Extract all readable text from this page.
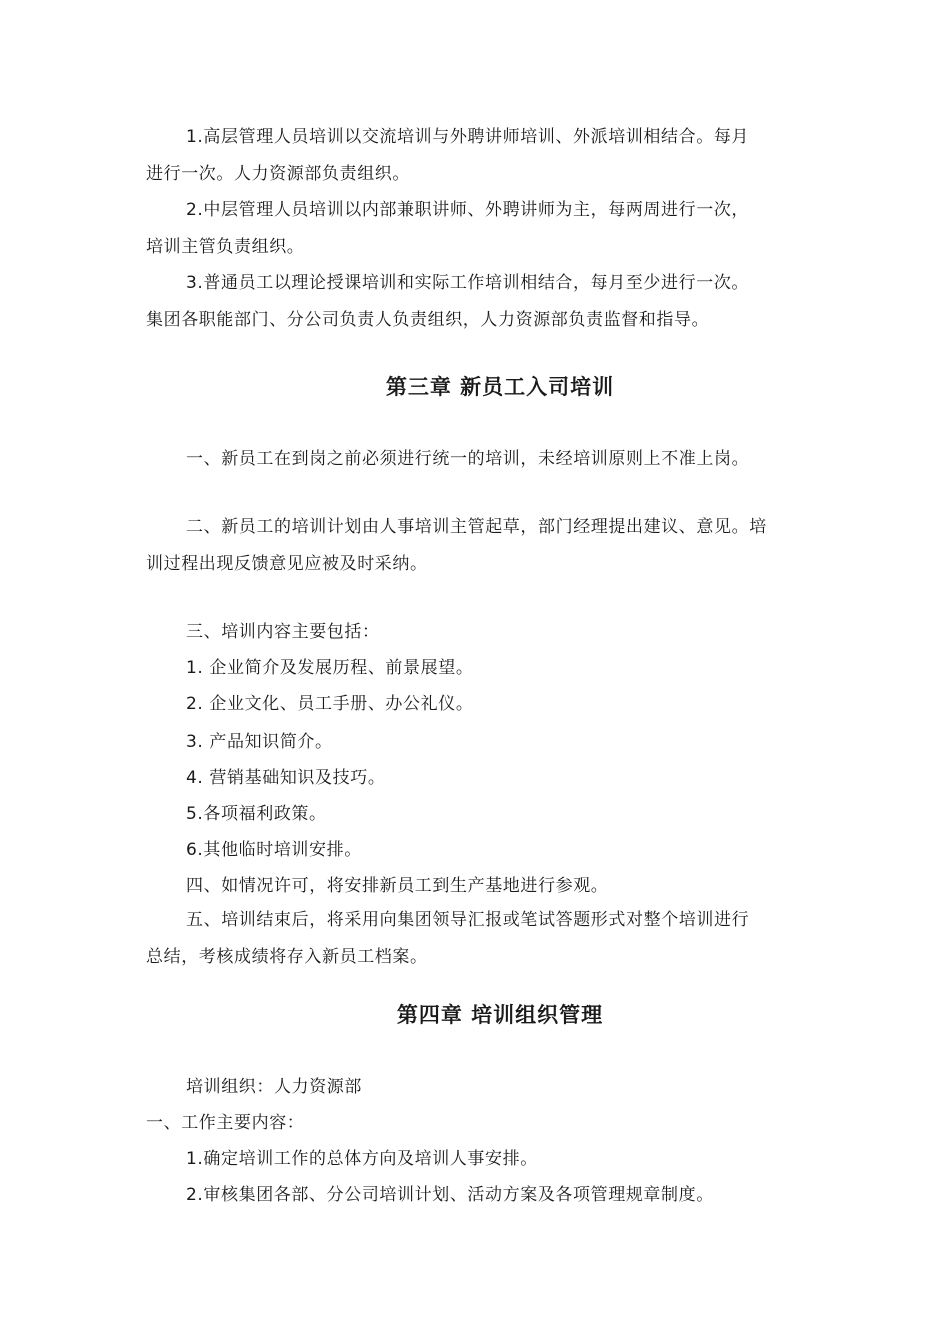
1.高层管理人员培训以交流培训与外聘讲师培训、外派培训相结合。每月
进行一次。人力资源部负责组织。
2.中层管理人员培训以内部兼职讲师、外聘讲师为主，每两周进行一次，
培训主管负责组织。
3.普通员工以理论授课培训和实际工作培训相结合，每月至少进行一次。
集团各职能部门、分公司负责人负责组织，人力资源部负责监督和指导。
第三章 新员工入司培训
一、新员工在到岗之前必须进行统一的培训，未经培训原则上不准上岗。
二、新员工的培训计划由人事培训主管起草，部门经理提出建议、意见。培
训过程出现反馈意见应被及时采纳。
三、培训内容主要包括：
1. 企业简介及发展历程、前景展望。
2. 企业文化、员工手册、办公礼仪。
3. 产品知识简介。
4. 营销基础知识及技巧。
5.各项福利政策。
6.其他临时培训安排。
四、如情况许可，将安排新员工到生产基地进行参观。
五、培训结束后，将采用向集团领导汇报或笔试答题形式对整个培训进行
总结，考核成绩将存入新员工档案。
第四章 培训组织管理
培训组织：人力资源部
一、工作主要内容：
1.确定培训工作的总体方向及培训人事安排。
2.审核集团各部、分公司培训计划、活动方案及各项管理规章制度。
